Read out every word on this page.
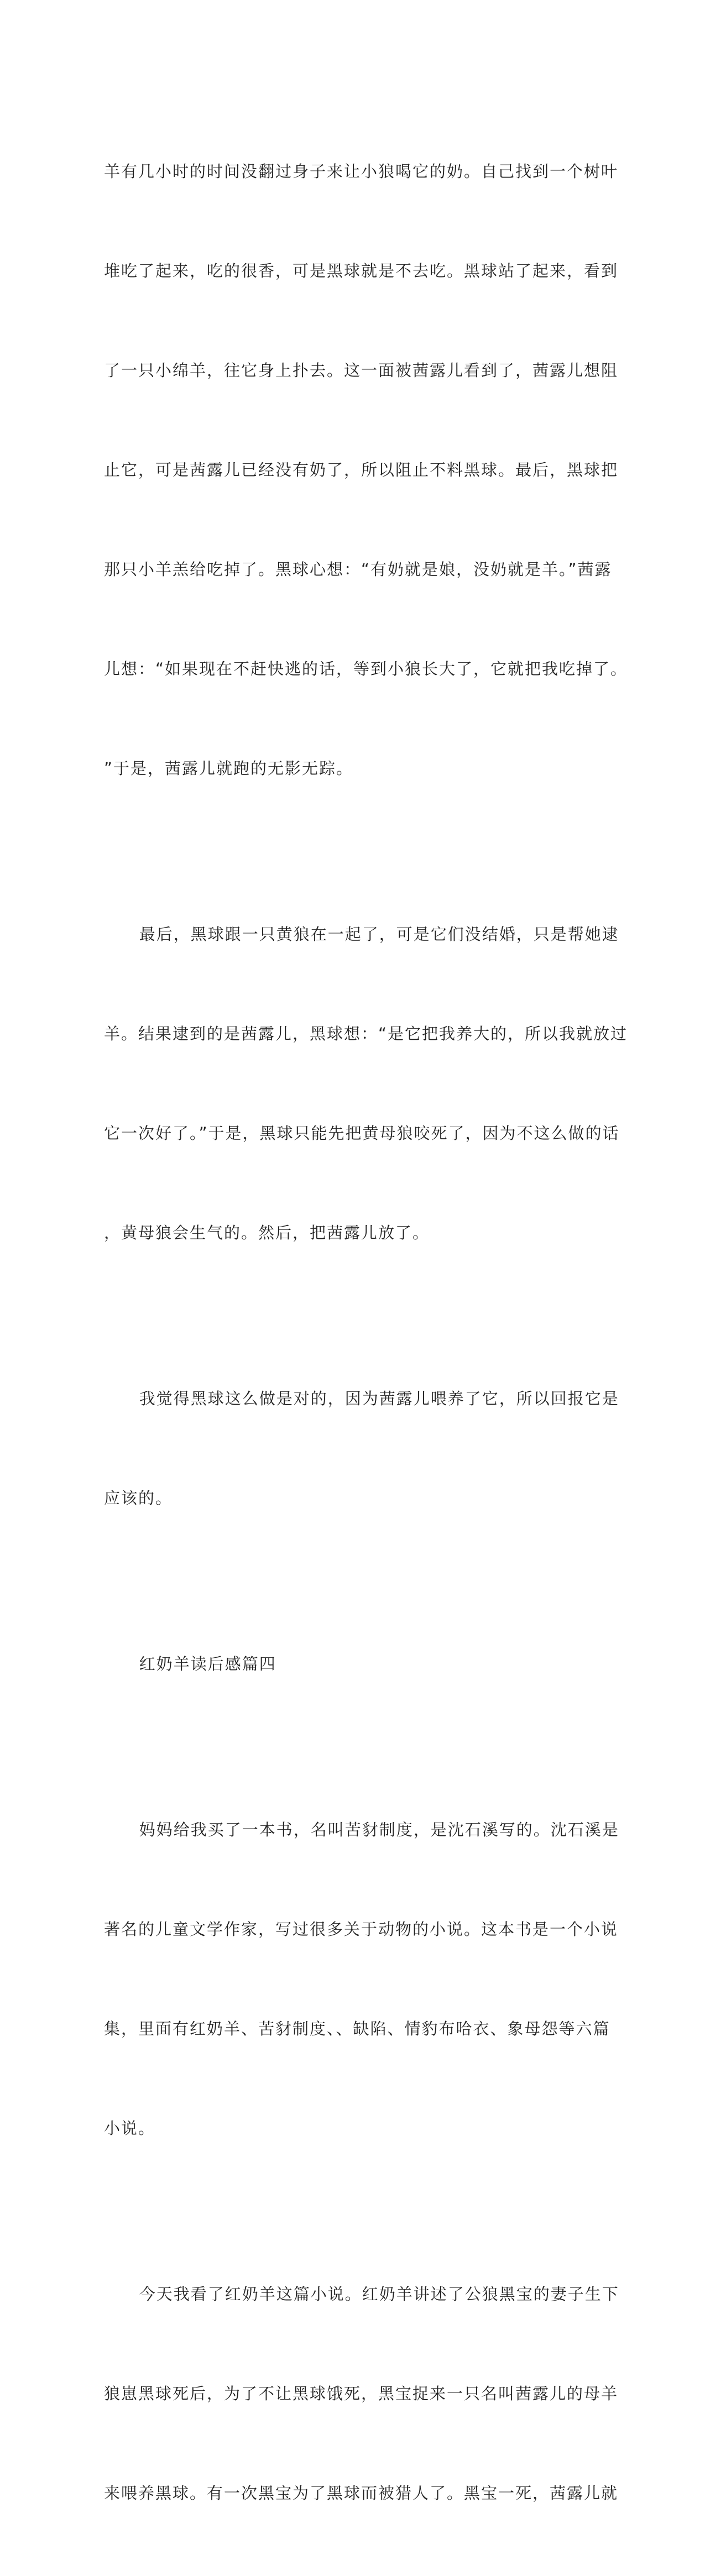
羊有几小时的时间没翻过身子来让小狼喝它的奶。自己找到一个树叶

堆吃了起来，吃的很香，可是黑球就是不去吃。黑球站了起来，看到

了一只小绵羊，往它身上扑去。这一面被茜露儿看到了，茜露儿想阻

止它，可是茜露儿已经没有奶了，所以阻止不料黑球。最后，黑球把

那只小羊羔给吃掉了。黑球心想：“有奶就是娘，没奶就是羊。”茜露

儿想：“如果现在不赶快逃的话，等到小狼长大了，它就把我吃掉了。

”于是，茜露儿就跑的无影无踪。

最后，黑球跟一只黄狼在一起了，可是它们没结婚，只是帮她逮

羊。结果逮到的是茜露儿，黑球想：“是它把我养大的，所以我就放过

它一次好了。”于是，黑球只能先把黄母狼咬死了，因为不这么做的话

，黄母狼会生气的。然后，把茜露儿放了。

我觉得黑球这么做是对的，因为茜露儿喂养了它，所以回报它是

应该的。

红奶羊读后感篇四

妈妈给我买了一本书，名叫苦豺制度，是沈石溪写的。沈石溪是

著名的儿童文学作家，写过很多关于动物的小说。这本书是一个小说

集，里面有红奶羊、苦豺制度、、缺陷、情豹布哈衣、象母怨等六篇

小说。

今天我看了红奶羊这篇小说。红奶羊讲述了公狼黑宝的妻子生下

狼崽黑球死后，为了不让黑球饿死，黑宝捉来一只名叫茜露儿的母羊

来喂养黑球。有一次黑宝为了黑球而被猎人了。黑宝一死，茜露儿就
